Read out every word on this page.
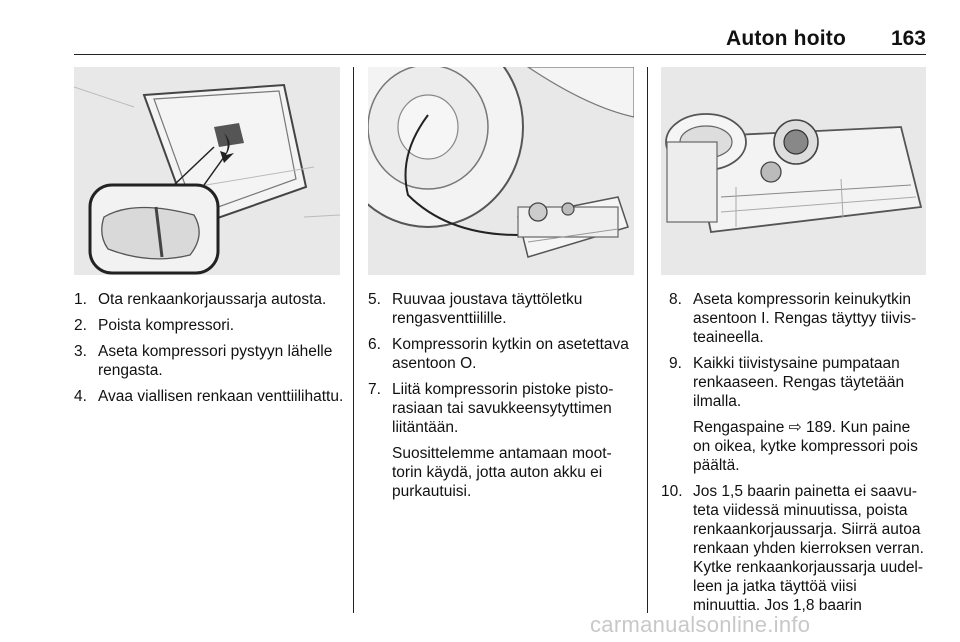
Auton hoito 163
1. Ota renkaankorjaussarja autosta.
2. Poista kompressori.
3. Aseta kompressori pystyyn lähelle rengasta.
4. Avaa viallisen renkaan venttiilihattu.
5. Ruuvaa joustava täyttöletku rengasventtiilille.
6. Kompressorin kytkin on asetettava asentoon O.
7. Liitä kompressorin pistoke pistorasiaan tai savukkeensytyttimen liitäntään.
Suosittelemme antamaan moottorin käydä, jotta auton akku ei purkautuisi.
8. Aseta kompressorin keinukytkin asentoon I. Rengas täyttyy tiivisteaineella.
9. Kaikki tiivistysaine pumpataan renkaaseen. Rengas täytetään ilmalla.
Rengaspaine ⇨ 189. Kun paine on oikea, kytke kompressori pois päältä.
10. Jos 1,5 baarin painetta ei saavuteta viidessä minuutissa, poista renkaankorjaussarja. Siirrä autoa renkaan yhden kierroksen verran. Kytke renkaankorjaussarja uudelleen ja jatka täyttöä viisi minuuttia. Jos 1,8 baarin
carmanualsonline.info
